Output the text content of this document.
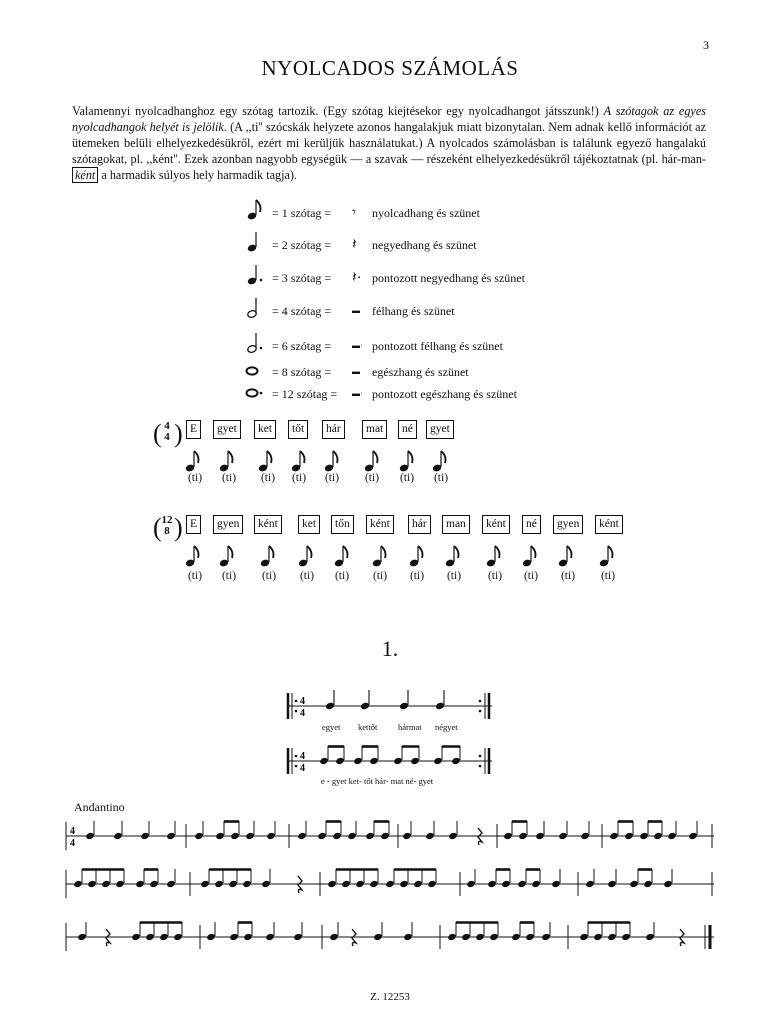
3
NYOLCADOS SZÁMOLÁS
Valamennyi nyolcadhanghoz egy szótag tartozik. (Egy szótag kiejtésekor egy nyolcadhangot játsszunk!) A szótagok az egyes nyolcadhangok helyét is jelölik. (A ,,ti'' szócskák helyzete azonos hangalakjuk miatt bizonytalan. Nem adnak kellő információt az ütemeken belüli elhelyezkedésükről, ezért mi kerüljük használatukat.) A nyolcados számolásban is találunk egyező hangalakú szótagokat, pl. ,,ként''. Ezek azonban nagyobb egységük — a szavak — részeként elhelyezkedésükről tájékoztatnak (pl. hár-man-ként a harmadik súlyos hely harmadik tagja).
= 1 szótag = 𝄾 nyolcadhang és szünet
= 2 szótag = 𝄽 negyedhang és szünet
= 3 szótag = 𝄽· pontozott negyedhang és szünet
= 4 szótag =	▬ félhang és szünet
= 6 szótag =	▬· pontozott félhang és szünet
= 8 szótag =	▬ egészhang és szünet
= 12 szótag = ▬· pontozott egészhang és szünet
( 4
4 ) E	gyet	ket	tőt	hár	mat	né	gyet
(ti)	(ti)	(ti)	(ti)	(ti)	(ti)	(ti)	(ti)
( 12
8 ) E	gyen	ként	ket	tőn	ként	hár	man	ként	né	gyen	ként
(ti)	(ti)	(ti)	(ti)	(ti)	(ti)	(ti)	(ti)	(ti)	(ti)	(ti)	(ti)
1.
4
4
egyet kettőt hármat négyet
4
4
e - gyet ket- tőt hár- mat né- gyet
Andantino
4
4
Z. 12253
